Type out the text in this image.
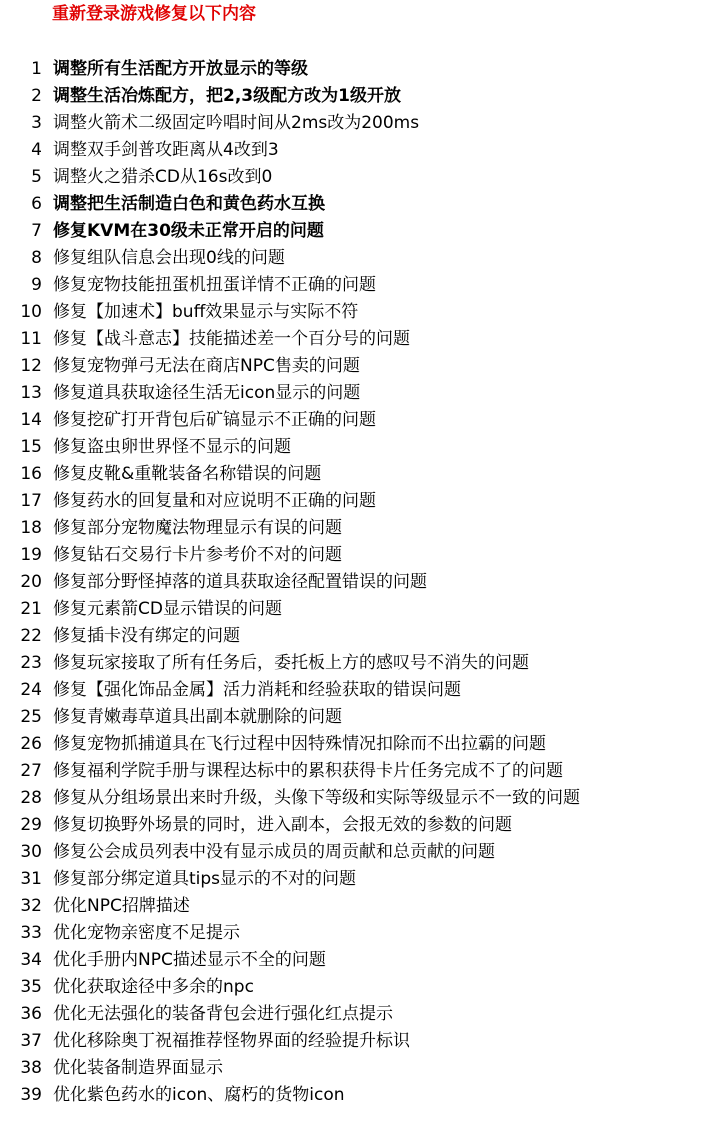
重新登录游戏修复以下内容
1 调整所有生活配方开放显示的等级
2 调整生活冶炼配方，把2,3级配方改为1级开放
3 调整火箭术二级固定吟唱时间从2ms改为200ms
4 调整双手剑普攻距离从4改到3
5 调整火之猎杀CD从16s改到0
6 调整把生活制造白色和黄色药水互换
7 修复KVM在30级未正常开启的问题
8 修复组队信息会出现0线的问题
9 修复宠物技能扭蛋机扭蛋详情不正确的问题
10 修复【加速术】buff效果显示与实际不符
11 修复【战斗意志】技能描述差一个百分号的问题
12 修复宠物弹弓无法在商店NPC售卖的问题
13 修复道具获取途径生活无icon显示的问题
14 修复挖矿打开背包后矿镐显示不正确的问题
15 修复盗虫卵世界怪不显示的问题
16 修复皮靴&重靴装备名称错误的问题
17 修复药水的回复量和对应说明不正确的问题
18 修复部分宠物魔法物理显示有误的问题
19 修复钻石交易行卡片参考价不对的问题
20 修复部分野怪掉落的道具获取途径配置错误的问题
21 修复元素箭CD显示错误的问题
22 修复插卡没有绑定的问题
23 修复玩家接取了所有任务后，委托板上方的感叹号不消失的问题
24 修复【强化饰品金属】活力消耗和经验获取的错误问题
25 修复青嫩毒草道具出副本就删除的问题
26 修复宠物抓捕道具在飞行过程中因特殊情况扣除而不出拉霸的问题
27 修复福利学院手册与课程达标中的累积获得卡片任务完成不了的问题
28 修复从分组场景出来时升级，头像下等级和实际等级显示不一致的问题
29 修复切换野外场景的同时，进入副本，会报无效的参数的问题
30 修复公会成员列表中没有显示成员的周贡献和总贡献的问题
31 修复部分绑定道具tips显示的不对的问题
32 优化NPC招牌描述
33 优化宠物亲密度不足提示
34 优化手册内NPC描述显示不全的问题
35 优化获取途径中多余的npc
36 优化无法强化的装备背包会进行强化红点提示
37 优化移除奥丁祝福推荐怪物界面的经验提升标识
38 优化装备制造界面显示
39 优化紫色药水的icon、腐朽的货物icon
